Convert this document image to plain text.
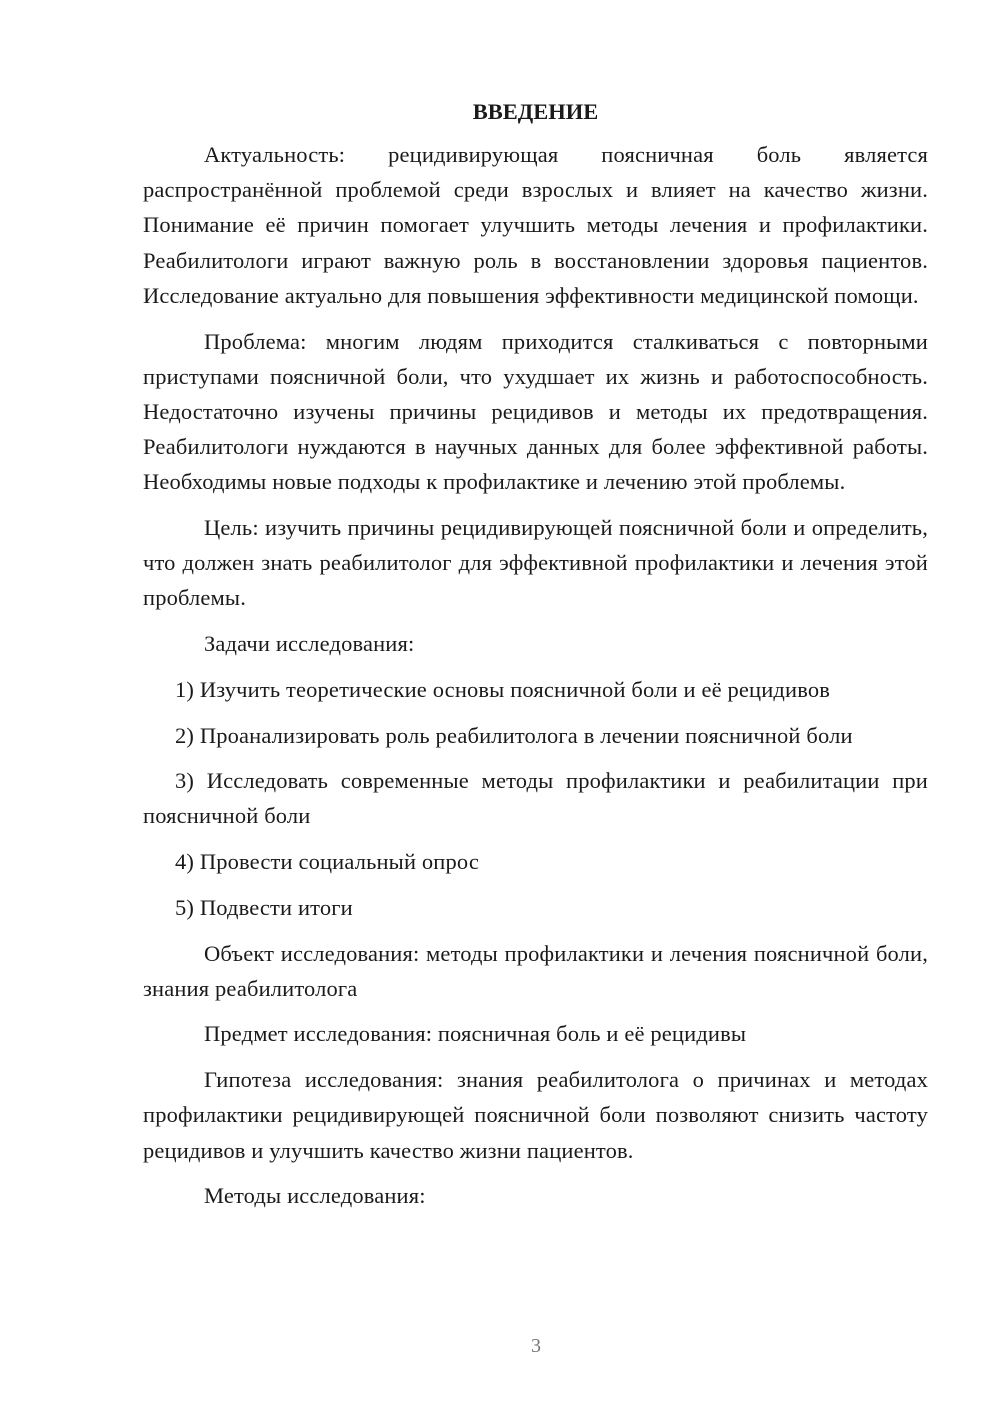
ВВЕДЕНИЕ

Актуальность: рецидивирующая поясничная боль является распространённой проблемой среди взрослых и влияет на качество жизни. Понимание её причин помогает улучшить методы лечения и профилактики. Реабилитологи играют важную роль в восстановлении здоровья пациентов. Исследование актуально для повышения эффективности медицинской помощи.

Проблема: многим людям приходится сталкиваться с повторными приступами поясничной боли, что ухудшает их жизнь и работоспособность. Недостаточно изучены причины рецидивов и методы их предотвращения. Реабилитологи нуждаются в научных данных для более эффективной работы. Необходимы новые подходы к профилактике и лечению этой проблемы.

Цель: изучить причины рецидивирующей поясничной боли и определить, что должен знать реабилитолог для эффективной профилактики и лечения этой проблемы.

Задачи исследования:

1) Изучить теоретические основы поясничной боли и её рецидивов

2) Проанализировать роль реабилитолога в лечении поясничной боли

3) Исследовать современные методы профилактики и реабилитации при поясничной боли

4) Провести социальный опрос

5) Подвести итоги

Объект исследования: методы профилактики и лечения поясничной боли, знания реабилитолога

Предмет исследования: поясничная боль и её рецидивы

Гипотеза исследования: знания реабилитолога о причинах и методах профилактики рецидивирующей поясничной боли позволяют снизить частоту рецидивов и улучшить качество жизни пациентов.

Методы исследования:

3
